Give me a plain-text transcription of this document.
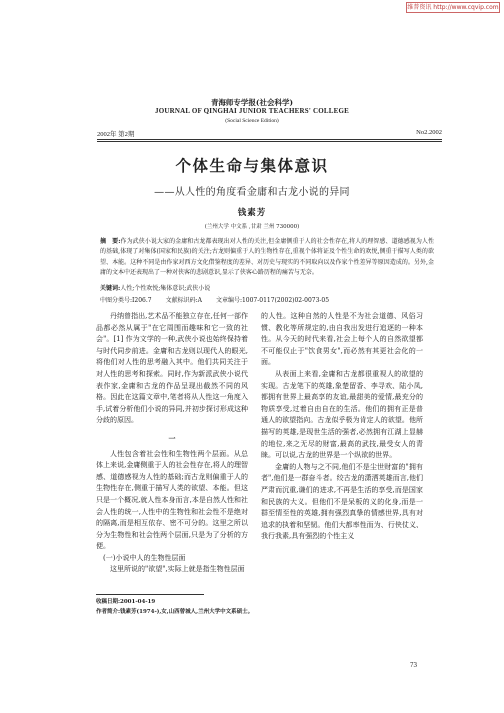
维普资讯 http://www.cqvip.com
青海师专学报(社会科学)
JOURNAL OF QINGHAI JUNIOR TEACHERS' COLLEGE
(Social Science Edition)
2002年 第2期	No2.2002
个体生命与集体意识
——从人性的角度看金庸和古龙小说的异同
钱素芳
(兰州大学 中文系 ,甘肃 兰州 730000)
摘　要:作为武侠小说大家的金庸和古龙都表现出对人性的关注,但金庸侧重于人的社会性存在,将人的理智感、道德感视为人性的基础,体现了对集体(国家和民族)的关注;古龙则偏重于人的生物性存在,重视个体将证及个性生命的欢悦,侧重于描写人类的欲望、本能。这种不同是由作家对西方文化借鉴程度的差异、对历史与现实的不同取向以及作家个性差异等原因造成的。另外,金庸的文本中还表现出了一种对侠客的悲剧意识,显示了侠客心路历程的痛苦与无奈。
关键词:人性;个性欢悦;集体意识;武侠小说
中图分类号:I206.7 文献标识码:A 文章编号:1007-0117(2002)02-0073-05

丹纳曾指出,艺术品不能独立存在,任何一部作品都必然从属于"在它周围而趣味和它一致的社会"。[1] 作为文学的一种,武侠小说也始终保持着与时代同步前进。金庸和古龙则以现代人的眼光,将他们对人性的思考融入其中。他们共同关注于对人性的思考和探索。同时,作为新派武侠小说代表作家,金庸和古龙的作品呈现出截然不同的风格。因此在这篇文章中,笔者将从人性这一角度入手,试着分析他们小说的异同,并初步探讨形成这种分歧的原因。

一

人性包含着社会性和生物性两个层面。从总体上来说,金庸侧重于人的社会性存在,将人的理智感、道德感视为人性的基础;而古龙则偏重于人的生物性存在,侧重于描写人类的欲望、本能。但这只是一个概况,就人性本身而言,本是自然人性和社会人性的统一,人性中的生物性和社会性不是绝对的隔离,而是相互依存、密不可分的。这里之所以分为生物性和社会性两个层面,只是为了分析的方便。

(一)小说中人的生物性层面

这里所说的"欲望",实际上就是指生物性层面

的人性。这种自然的人性是不为社会道德、风俗习惯、教化等所规定的,由自我出发进行追逐的一种本性。从今天的时代来看,社会上每个人的自然欲望都不可能仅止于"饮食男女",而必然有其更社会化的一面。

从表面上来看,金庸和古龙都很重视人的欲望的实现。古龙笔下的英雄,象楚留香、李寻欢、陆小凤,都拥有世界上最高享的友谊,最甜美的爱情,最充分的物质享受,过着自由自在的生活。他们的拥有正是普通人的欲望指向。古龙似乎极为肯定人的欲望。他所描写的英雄,是现世生活的强者,必然拥有江湖上显赫的地位,来之无尽的财富,最高的武技,最受女人的青睐。可以说,古龙的世界是一个纵欲的世界。

金庸的人物与之不同,他们不是尘世财富的"拥有者",他们是一群奋斗者。绞古龙的潇洒英雄而言,他们严肃而沉重,谦们的进求,不再是生活的享受,而是国家和民族的大义。但他们不是呆板的义的化身,而是一群至情至性的英雄,拥有强烈真挚的情感世界,具有对追求的执着和坚韧。他们大都率性而为、行侠仗义、我行我素,具有强烈的个性主义

收稿日期:2001-04-19
作者简介:钱素芳(1974-),女,山西曾城人,兰州大学中文系硕士。
73
